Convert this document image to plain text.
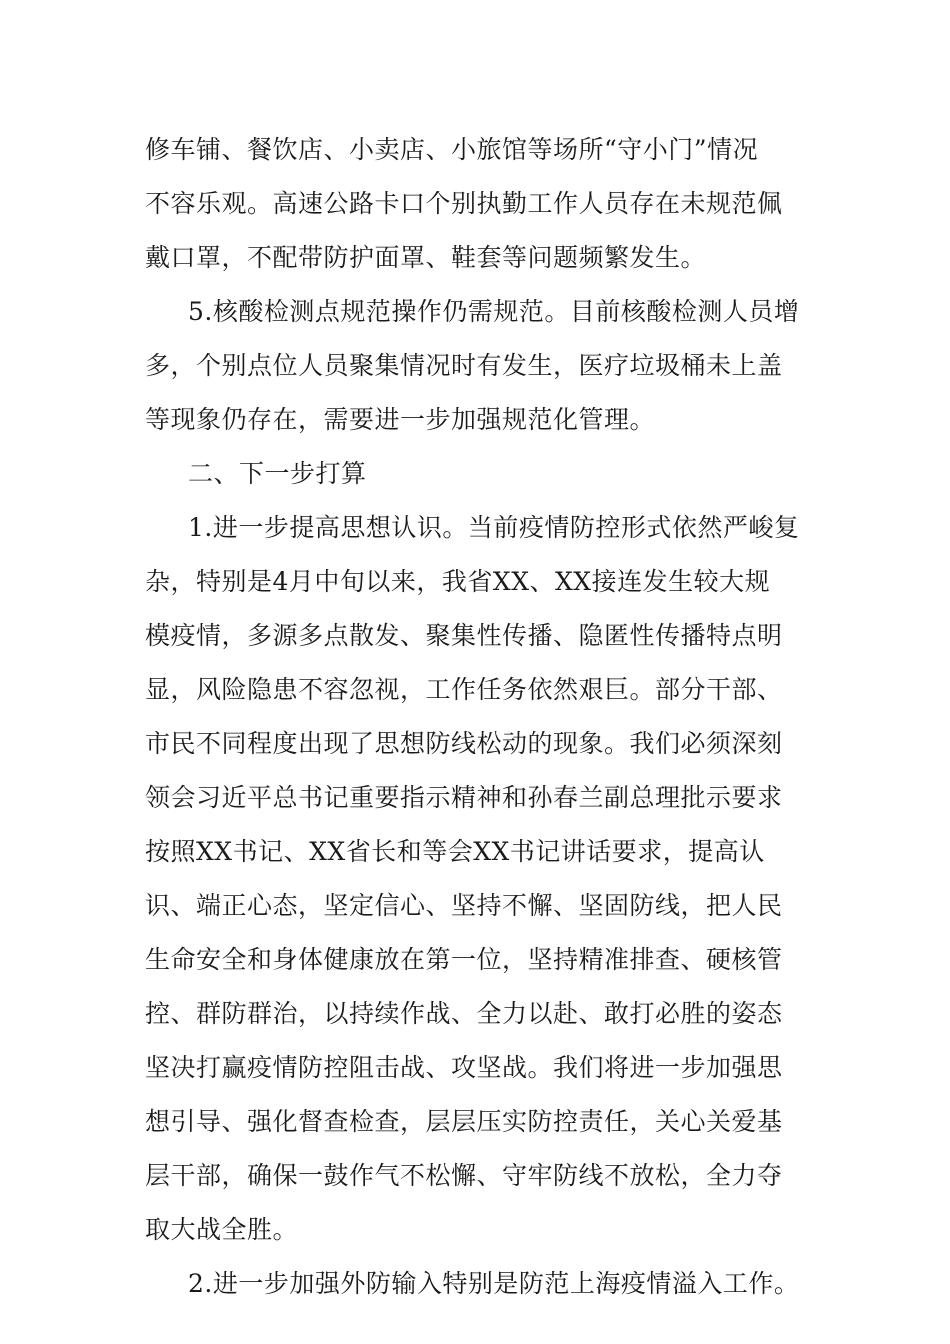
修车铺、餐饮店、小卖店、小旅馆等场所“守小门”情况
不容乐观。高速公路卡口个别执勤工作人员存在未规范佩
戴口罩，不配带防护面罩、鞋套等问题频繁发生。
5.核酸检测点规范操作仍需规范。目前核酸检测人员增
多，个别点位人员聚集情况时有发生，医疗垃圾桶未上盖
等现象仍存在，需要进一步加强规范化管理。
二、下一步打算
1.进一步提高思想认识。当前疫情防控形式依然严峻复
杂，特别是4月中旬以来，我省XX、XX接连发生较大规
模疫情，多源多点散发、聚集性传播、隐匿性传播特点明
显，风险隐患不容忽视，工作任务依然艰巨。部分干部、
市民不同程度出现了思想防线松动的现象。我们必须深刻
领会习近平总书记重要指示精神和孙春兰副总理批示要求
按照XX书记、XX省长和等会XX书记讲话要求，提高认
识、端正心态，坚定信心、坚持不懈、坚固防线，把人民
生命安全和身体健康放在第一位，坚持精准排查、硬核管
控、群防群治，以持续作战、全力以赴、敢打必胜的姿态
坚决打赢疫情防控阻击战、攻坚战。我们将进一步加强思
想引导、强化督查检查，层层压实防控责任，关心关爱基
层干部，确保一鼓作气不松懈、守牢防线不放松，全力夺
取大战全胜。
2.进一步加强外防输入特别是防范上海疫情溢入工作。
